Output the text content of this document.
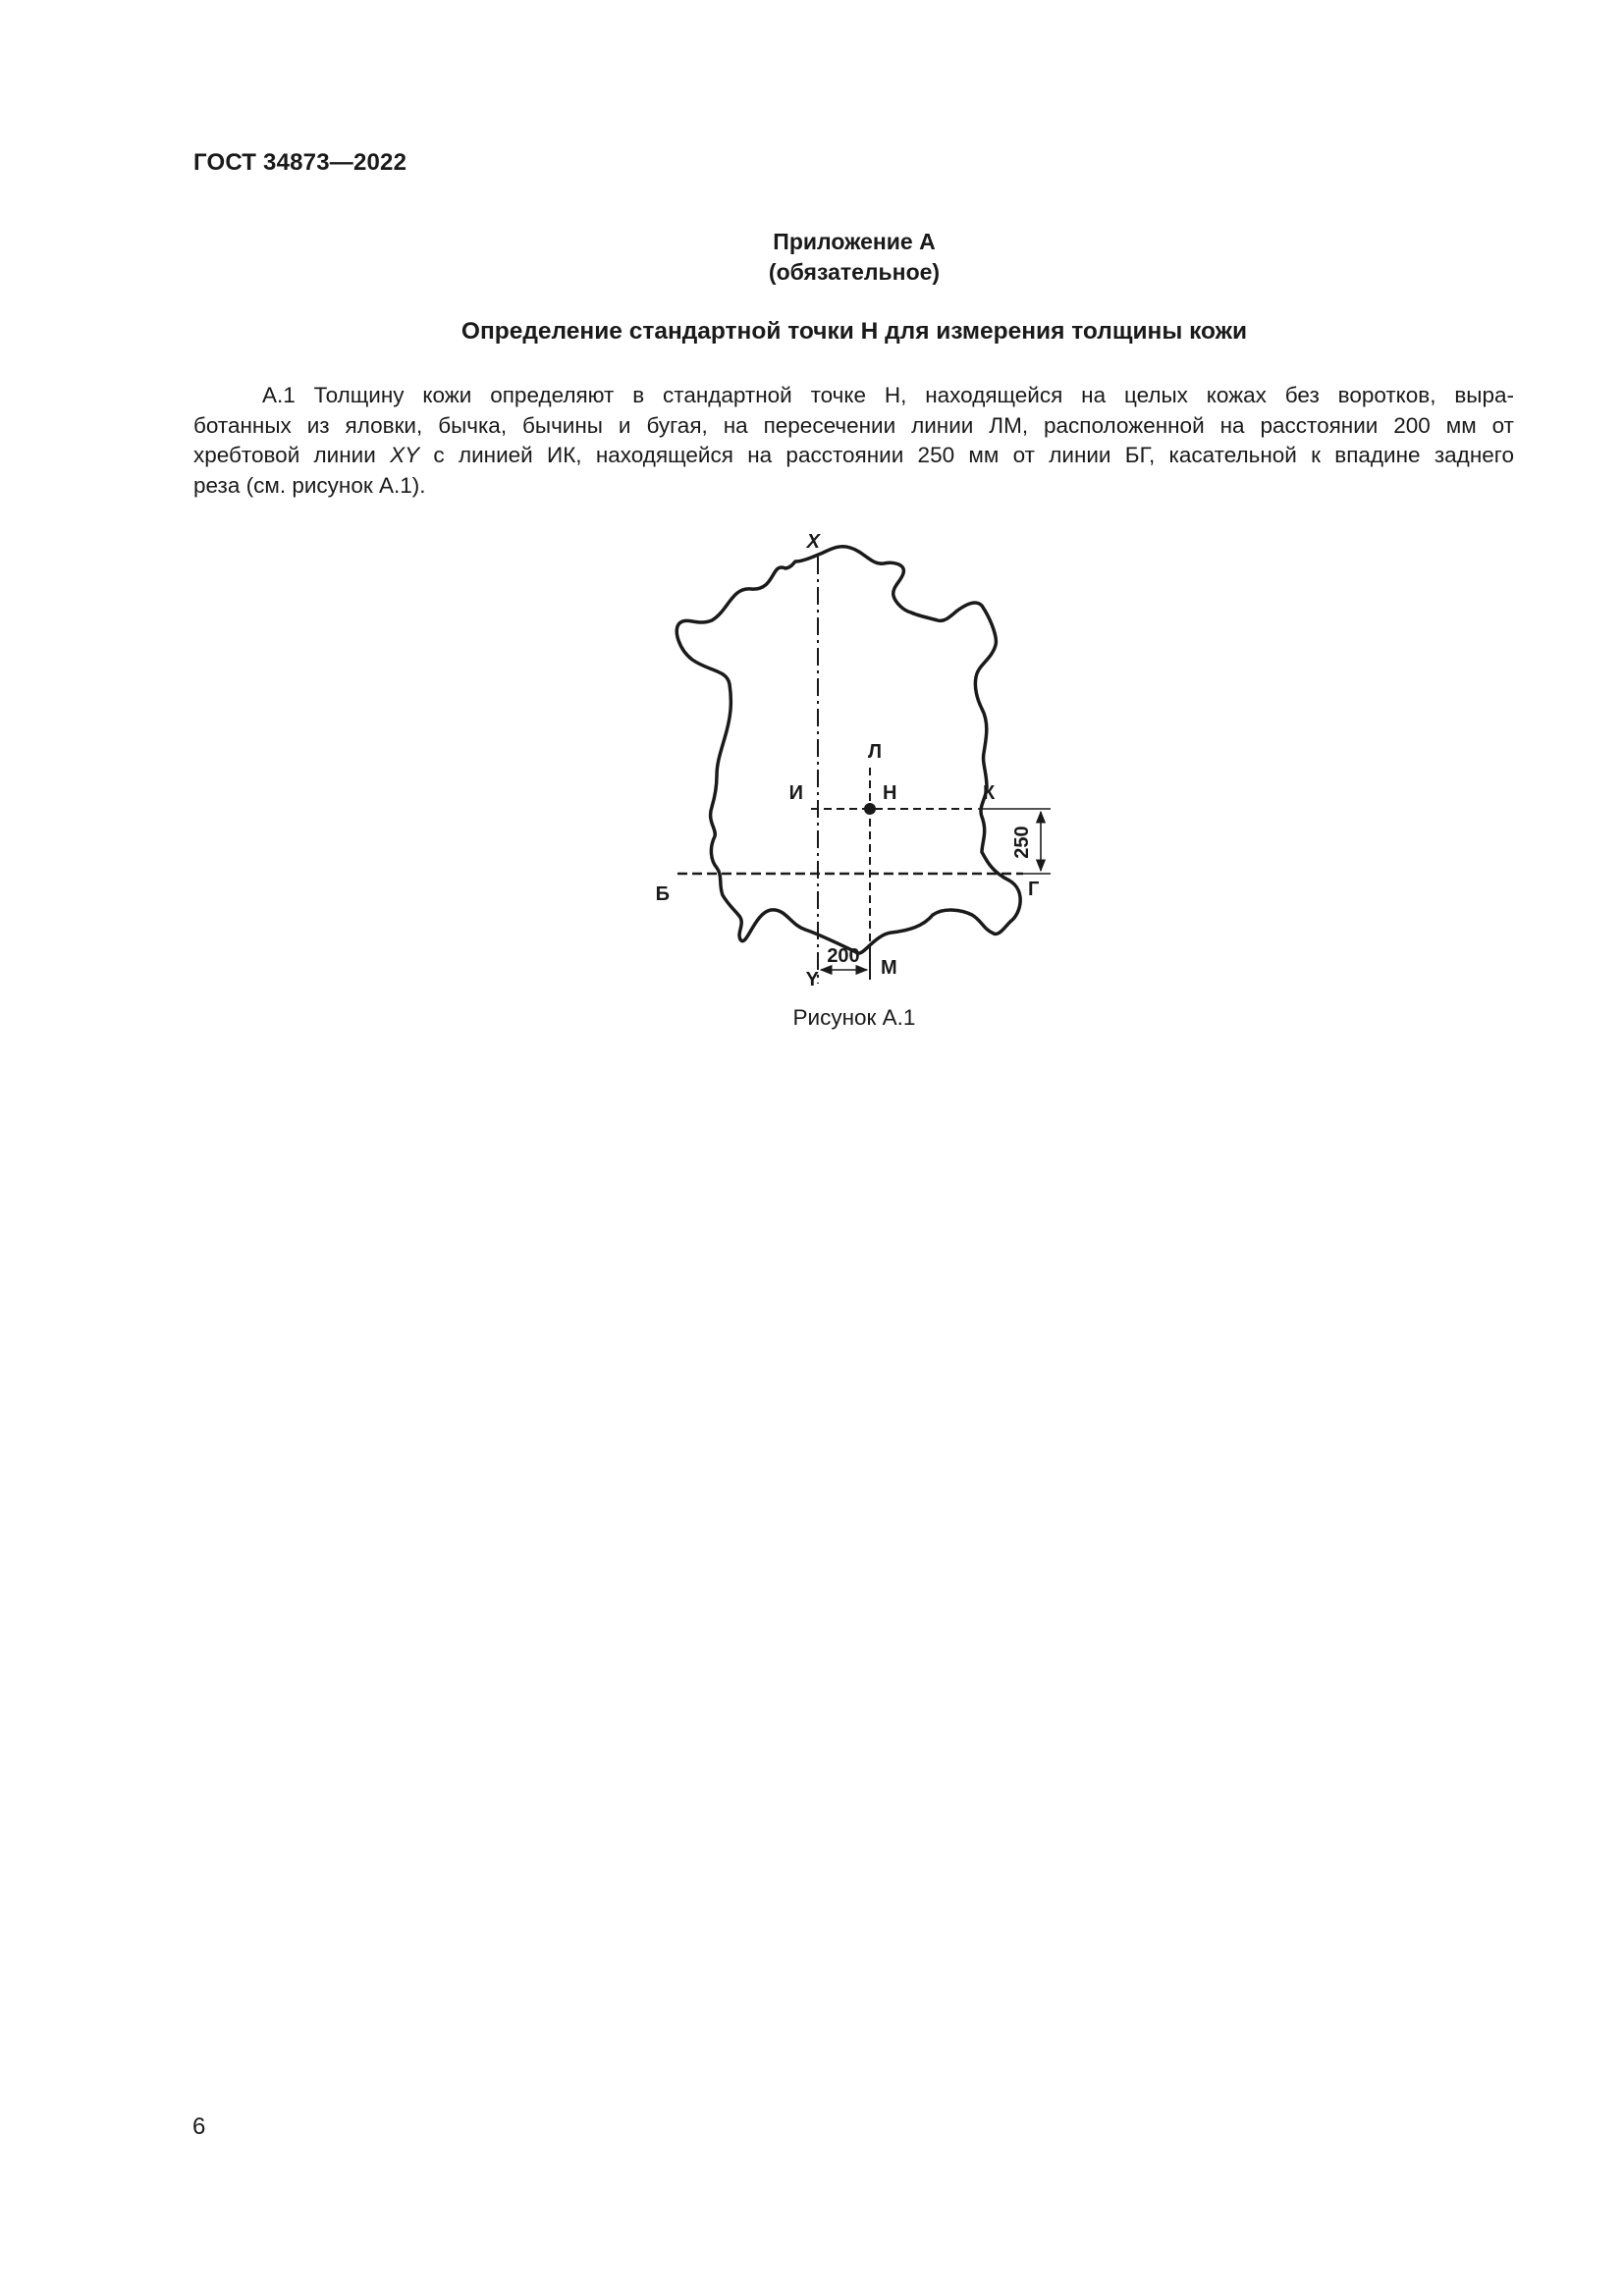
ГОСТ 34873—2022
Приложение А
(обязательное)
Определение стандартной точки Н для измерения толщины кожи
А.1 Толщину кожи определяют в стандартной точке Н, находящейся на целых кожах без воротков, выра-
ботанных из яловки, бычка, бычины и бугая, на пересечении линии ЛМ, расположенной на расстоянии 200 мм от
хребтовой линии XY с линией ИК, находящейся на расстоянии 250 мм от линии БГ, касательной к впадине заднего
реза (см. рисунок А.1).
X
Y
Л
И	Н	К
Б	Г
М
200
250
Рисунок А.1
6
